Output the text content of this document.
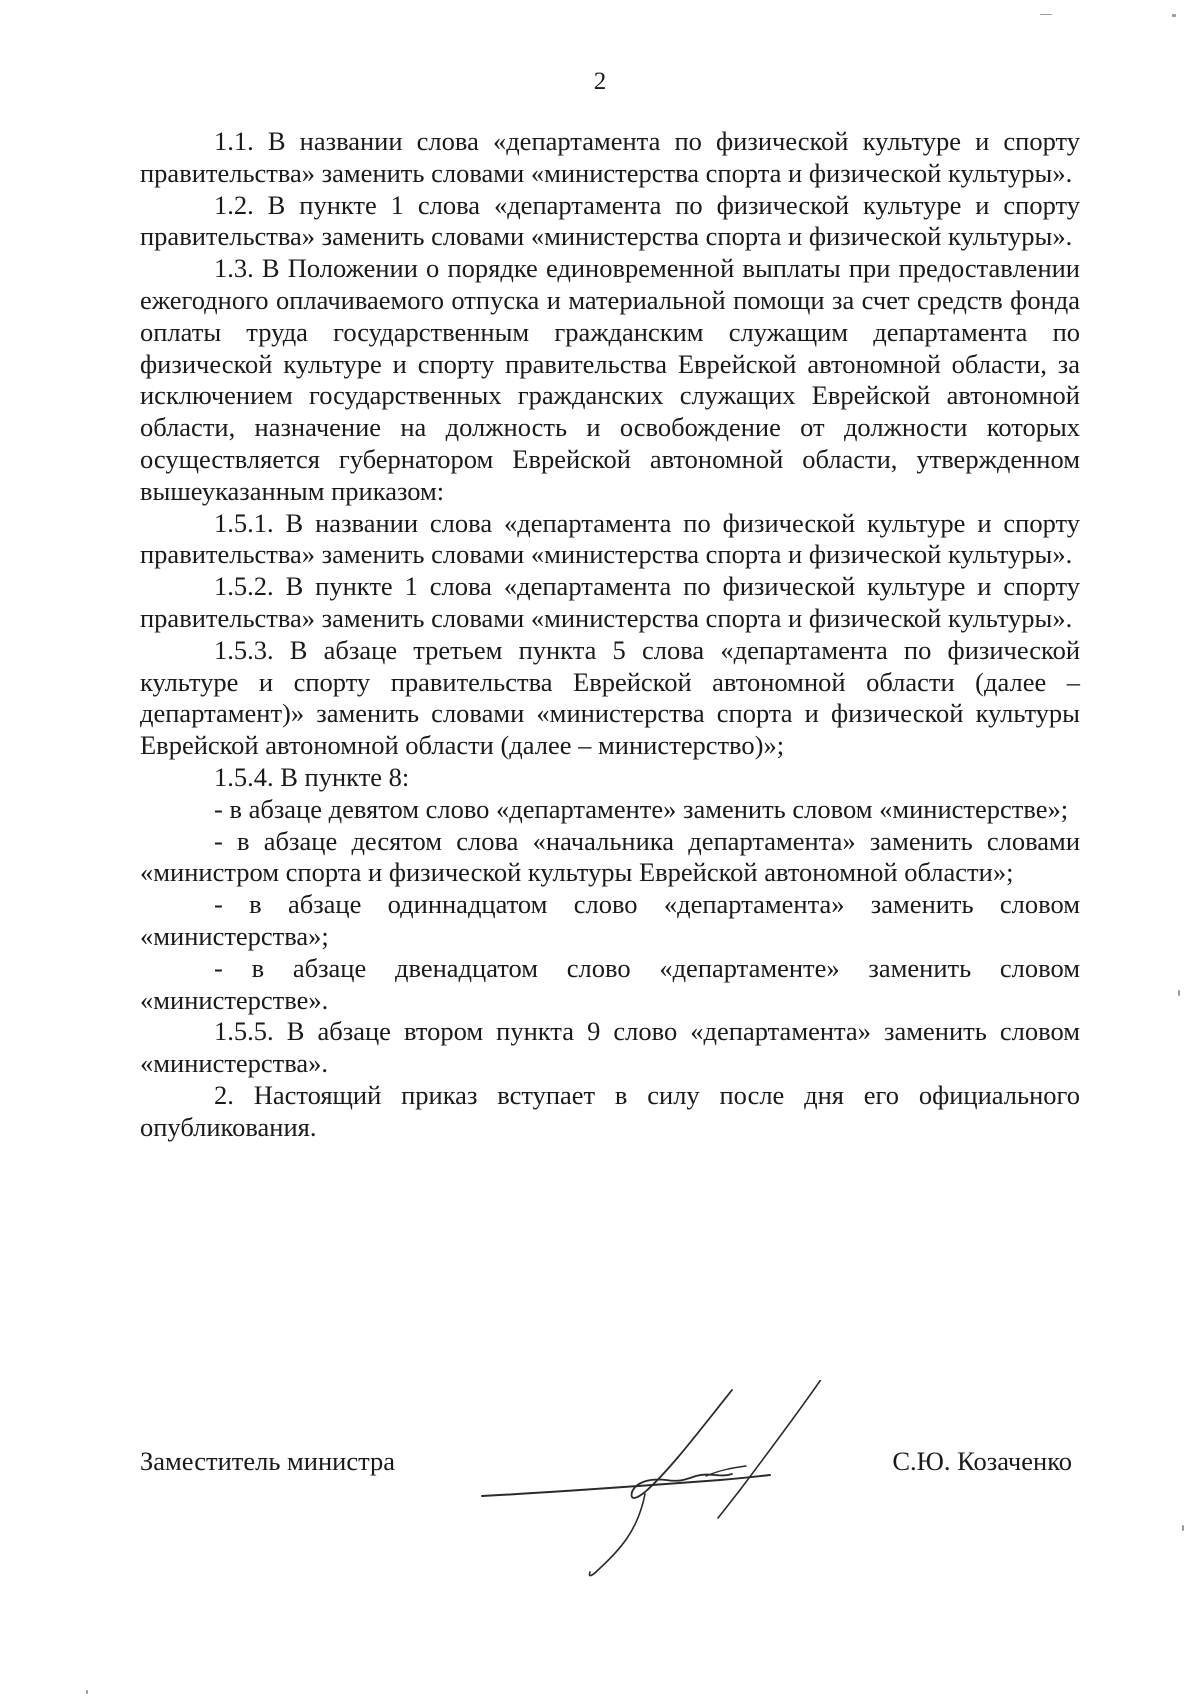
2

1.1. В названии слова «департамента по физической культуре и спорту правительства» заменить словами «министерства спорта и физической культуры».

1.2. В пункте 1 слова «департамента по физической культуре и спорту правительства» заменить словами «министерства спорта и физической культуры».

1.3. В Положении о порядке единовременной выплаты при предоставлении ежегодного оплачиваемого отпуска и материальной помощи за счет средств фонда оплаты труда государственным гражданским служащим департамента по физической культуре и спорту правительства Еврейской автономной области, за исключением государственных гражданских служащих Еврейской автономной области, назначение на должность и освобождение от должности которых осуществляется губернатором Еврейской автономной области, утвержденном вышеуказанным приказом:

1.5.1. В названии слова «департамента по физической культуре и спорту правительства» заменить словами «министерства спорта и физической культуры».

1.5.2. В пункте 1 слова «департамента по физической культуре и спорту правительства» заменить словами «министерства спорта и физической культуры».

1.5.3. В абзаце третьем пункта 5 слова «департамента по физической культуре и спорту правительства Еврейской автономной области (далее – департамент)» заменить словами «министерства спорта и физической культуры Еврейской автономной области (далее – министерство)»;

1.5.4. В пункте 8:

- в абзаце девятом слово «департаменте» заменить словом «министерстве»;

- в абзаце десятом слова «начальника департамента» заменить словами «министром спорта и физической культуры Еврейской автономной области»;

- в абзаце одиннадцатом слово «департамента» заменить словом «министерства»;

- в абзаце двенадцатом слово «департаменте» заменить словом «министерстве».

1.5.5. В абзаце втором пункта 9 слово «департамента» заменить словом «министерства».

2. Настоящий приказ вступает в силу после дня его официального опубликования.

Заместитель министра	С.Ю. Козаченко
